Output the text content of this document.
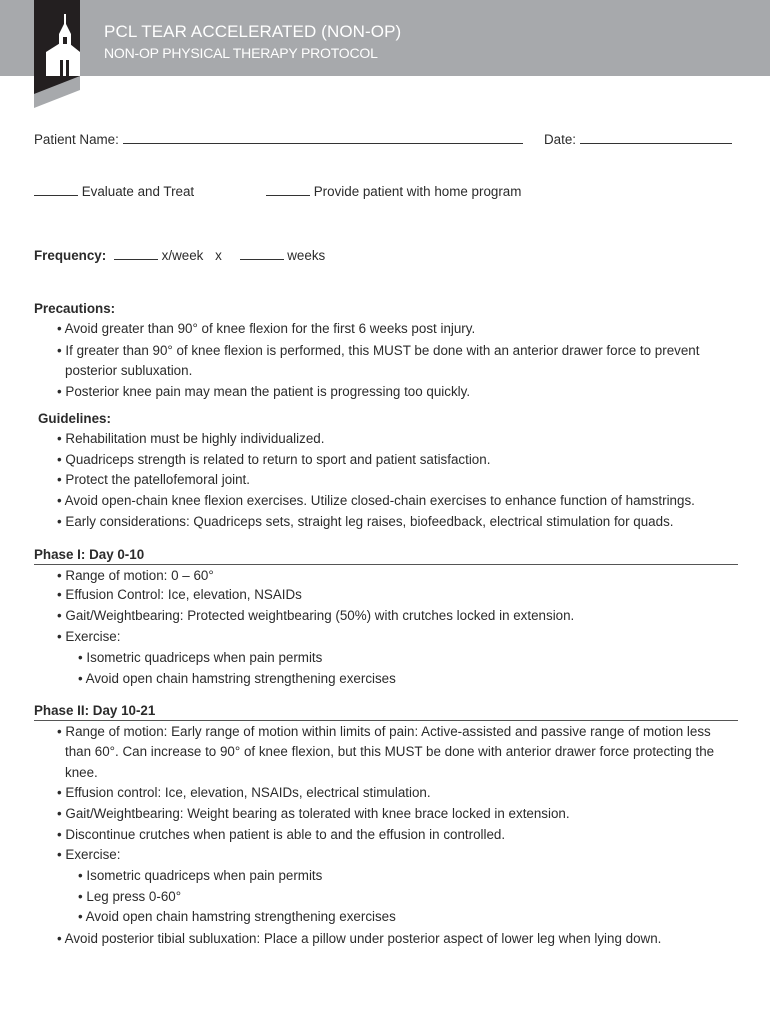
PCL TEAR ACCELERATED (NON-OP)
NON-OP PHYSICAL THERAPY PROTOCOL
Patient Name:	Date:
Evaluate and Treat	Provide patient with home program
Frequency:	x/week x	weeks
Precautions:
• Avoid greater than 90° of knee flexion for the first 6 weeks post injury.
• If greater than 90° of knee flexion is performed, this MUST be done with an anterior drawer force to prevent
posterior subluxation.
• Posterior knee pain may mean the patient is progressing too quickly.
Guidelines:
• Rehabilitation must be highly individualized.
• Quadriceps strength is related to return to sport and patient satisfaction.
• Protect the patellofemoral joint.
• Avoid open-chain knee flexion exercises. Utilize closed-chain exercises to enhance function of hamstrings.
• Early considerations: Quadriceps sets, straight leg raises, biofeedback, electrical stimulation for quads.
Phase I: Day 0-10
• Range of motion: 0 – 60°
• Effusion Control: Ice, elevation, NSAIDs
• Gait/Weightbearing: Protected weightbearing (50%) with crutches locked in extension.
• Exercise:
• Isometric quadriceps when pain permits
• Avoid open chain hamstring strengthening exercises
Phase II: Day 10-21
• Range of motion: Early range of motion within limits of pain: Active-assisted and passive range of motion less
than 60°. Can increase to 90° of knee flexion, but this MUST be done with anterior drawer force protecting the
knee.
• Effusion control: Ice, elevation, NSAIDs, electrical stimulation.
• Gait/Weightbearing: Weight bearing as tolerated with knee brace locked in extension.
• Discontinue crutches when patient is able to and the effusion in controlled.
• Exercise:
• Isometric quadriceps when pain permits
• Leg press 0-60°
• Avoid open chain hamstring strengthening exercises
• Avoid posterior tibial subluxation: Place a pillow under posterior aspect of lower leg when lying down.
